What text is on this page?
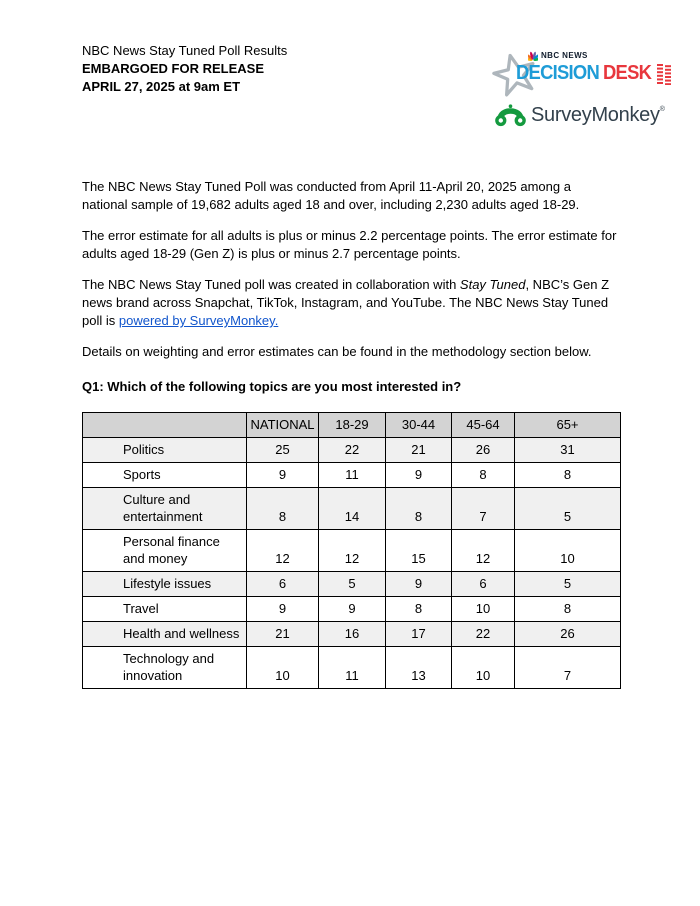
NBC News Stay Tuned Poll Results
EMBARGOED FOR RELEASE
APRIL 27, 2025 at 9am ET
NBC NEWS
DECISION DESK
SurveyMonkey®

The NBC News Stay Tuned Poll was conducted from April 11-April 20, 2025 among a national sample of 19,682 adults aged 18 and over, including 2,230 adults aged 18-29.

The error estimate for all adults is plus or minus 2.2 percentage points. The error estimate for adults aged 18-29 (Gen Z) is plus or minus 2.7 percentage points.

The NBC News Stay Tuned poll was created in collaboration with Stay Tuned, NBC’s Gen Z news brand across Snapchat, TikTok, Instagram, and YouTube. The NBC News Stay Tuned poll is powered by SurveyMonkey.

Details on weighting and error estimates can be found in the methodology section below.

Q1: Which of the following topics are you most interested in?
	NATIONAL	18-29	30-44	45-64	65+
Politics	25	22	21	26	31
Sports	9	11	9	8	8
Culture and entertainment	8	14	8	7	5
Personal finance and money	12	12	15	12	10
Lifestyle issues	6	5	9	6	5
Travel	9	9	8	10	8
Health and wellness	21	16	17	22	26
Technology and innovation	10	11	13	10	7
